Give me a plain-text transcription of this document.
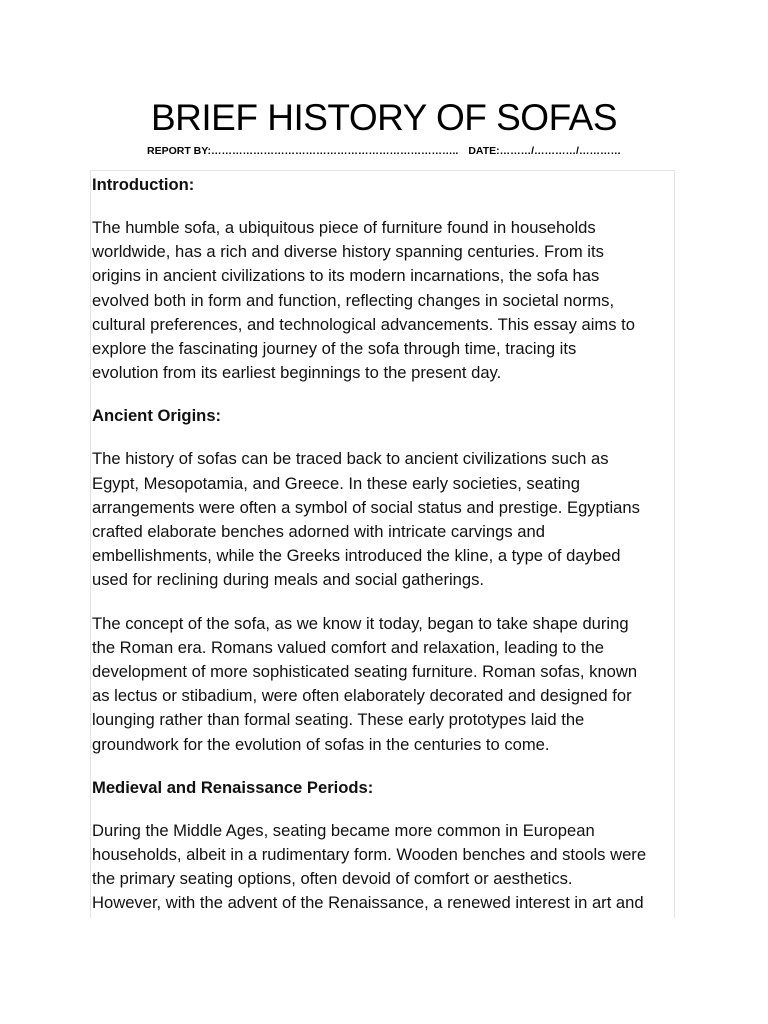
BRIEF HISTORY OF SOFAS
REPORT BY:…………………………………………………………….. DATE:………/…………/…………
Introduction:
The humble sofa, a ubiquitous piece of furniture found in households
worldwide, has a rich and diverse history spanning centuries. From its
origins in ancient civilizations to its modern incarnations, the sofa has
evolved both in form and function, reflecting changes in societal norms,
cultural preferences, and technological advancements. This essay aims to
explore the fascinating journey of the sofa through time, tracing its
evolution from its earliest beginnings to the present day.
Ancient Origins:
The history of sofas can be traced back to ancient civilizations such as
Egypt, Mesopotamia, and Greece. In these early societies, seating
arrangements were often a symbol of social status and prestige. Egyptians
crafted elaborate benches adorned with intricate carvings and
embellishments, while the Greeks introduced the kline, a type of daybed
used for reclining during meals and social gatherings.
The concept of the sofa, as we know it today, began to take shape during
the Roman era. Romans valued comfort and relaxation, leading to the
development of more sophisticated seating furniture. Roman sofas, known
as lectus or stibadium, were often elaborately decorated and designed for
lounging rather than formal seating. These early prototypes laid the
groundwork for the evolution of sofas in the centuries to come.
Medieval and Renaissance Periods:
During the Middle Ages, seating became more common in European
households, albeit in a rudimentary form. Wooden benches and stools were
the primary seating options, often devoid of comfort or aesthetics.
However, with the advent of the Renaissance, a renewed interest in art and
